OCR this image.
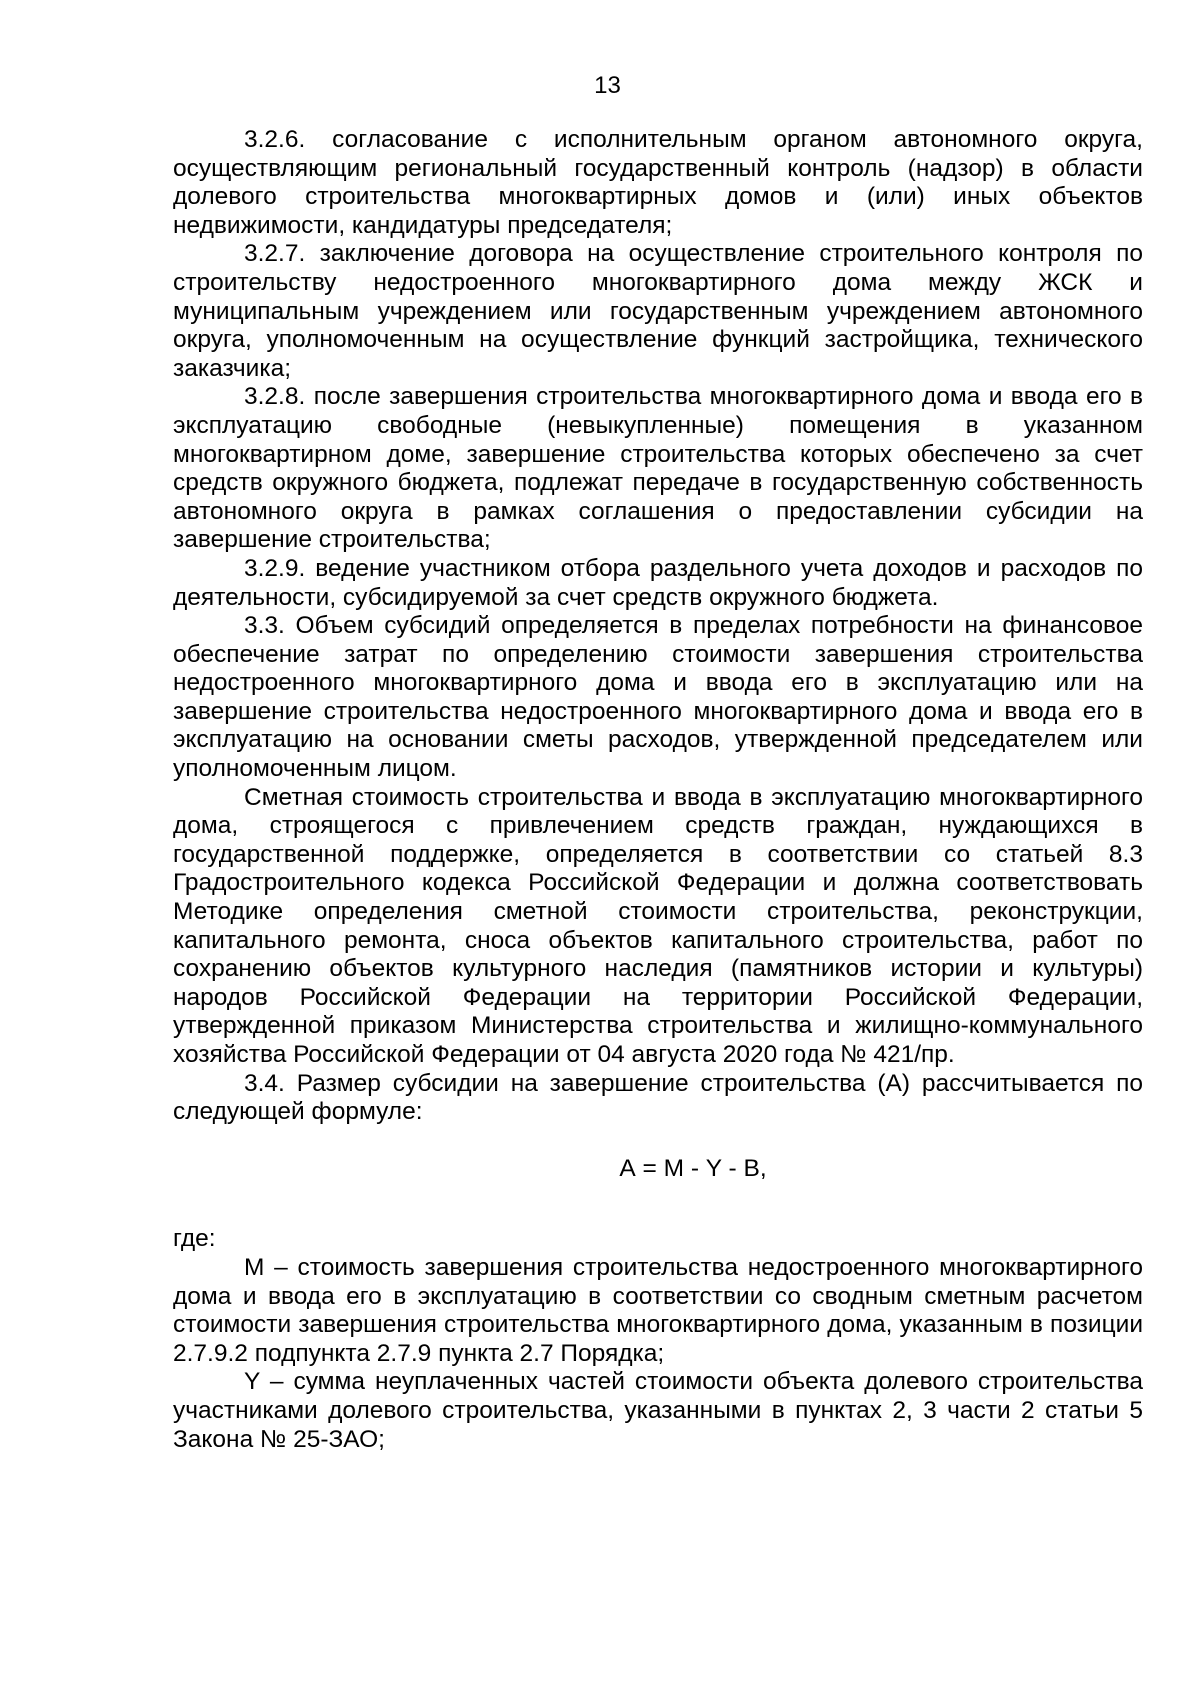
13

3.2.6. согласование с исполнительным органом автономного округа, осуществляющим региональный государственный контроль (надзор) в области долевого строительства многоквартирных домов и (или) иных объектов недвижимости, кандидатуры председателя;

3.2.7. заключение договора на осуществление строительного контроля по строительству недостроенного многоквартирного дома между ЖСК и муниципальным учреждением или государственным учреждением автономного округа, уполномоченным на осуществление функций застройщика, технического заказчика;

3.2.8. после завершения строительства многоквартирного дома и ввода его в эксплуатацию свободные (невыкупленные) помещения в указанном многоквартирном доме, завершение строительства которых обеспечено за счет средств окружного бюджета, подлежат передаче в государственную собственность автономного округа в рамках соглашения о предоставлении субсидии на завершение строительства;

3.2.9. ведение участником отбора раздельного учета доходов и расходов по деятельности, субсидируемой за счет средств окружного бюджета.

3.3. Объем субсидий определяется в пределах потребности на финансовое обеспечение затрат по определению стоимости завершения строительства недостроенного многоквартирного дома и ввода его в эксплуатацию или на завершение строительства недостроенного многоквартирного дома и ввода его в эксплуатацию на основании сметы расходов, утвержденной председателем или уполномоченным лицом.

Сметная стоимость строительства и ввода в эксплуатацию многоквартирного дома, строящегося с привлечением средств граждан, нуждающихся в государственной поддержке, определяется в соответствии со статьей 8.3 Градостроительного кодекса Российской Федерации и должна соответствовать Методике определения сметной стоимости строительства, реконструкции, капитального ремонта, сноса объектов капитального строительства, работ по сохранению объектов культурного наследия (памятников истории и культуры) народов Российской Федерации на территории Российской Федерации, утвержденной приказом Министерства строительства и жилищно-коммунального хозяйства Российской Федерации от 04 августа 2020 года № 421/пр.

3.4. Размер субсидии на завершение строительства (А) рассчитывается по следующей формуле:

А = М - Y - В,

где:

М – стоимость завершения строительства недостроенного многоквартирного дома и ввода его в эксплуатацию в соответствии со сводным сметным расчетом стоимости завершения строительства многоквартирного дома, указанным в позиции 2.7.9.2 подпункта 2.7.9 пункта 2.7 Порядка;

Y – сумма неуплаченных частей стоимости объекта долевого строительства участниками долевого строительства, указанными в пунктах 2, 3 части 2 статьи 5 Закона № 25-ЗАО;
